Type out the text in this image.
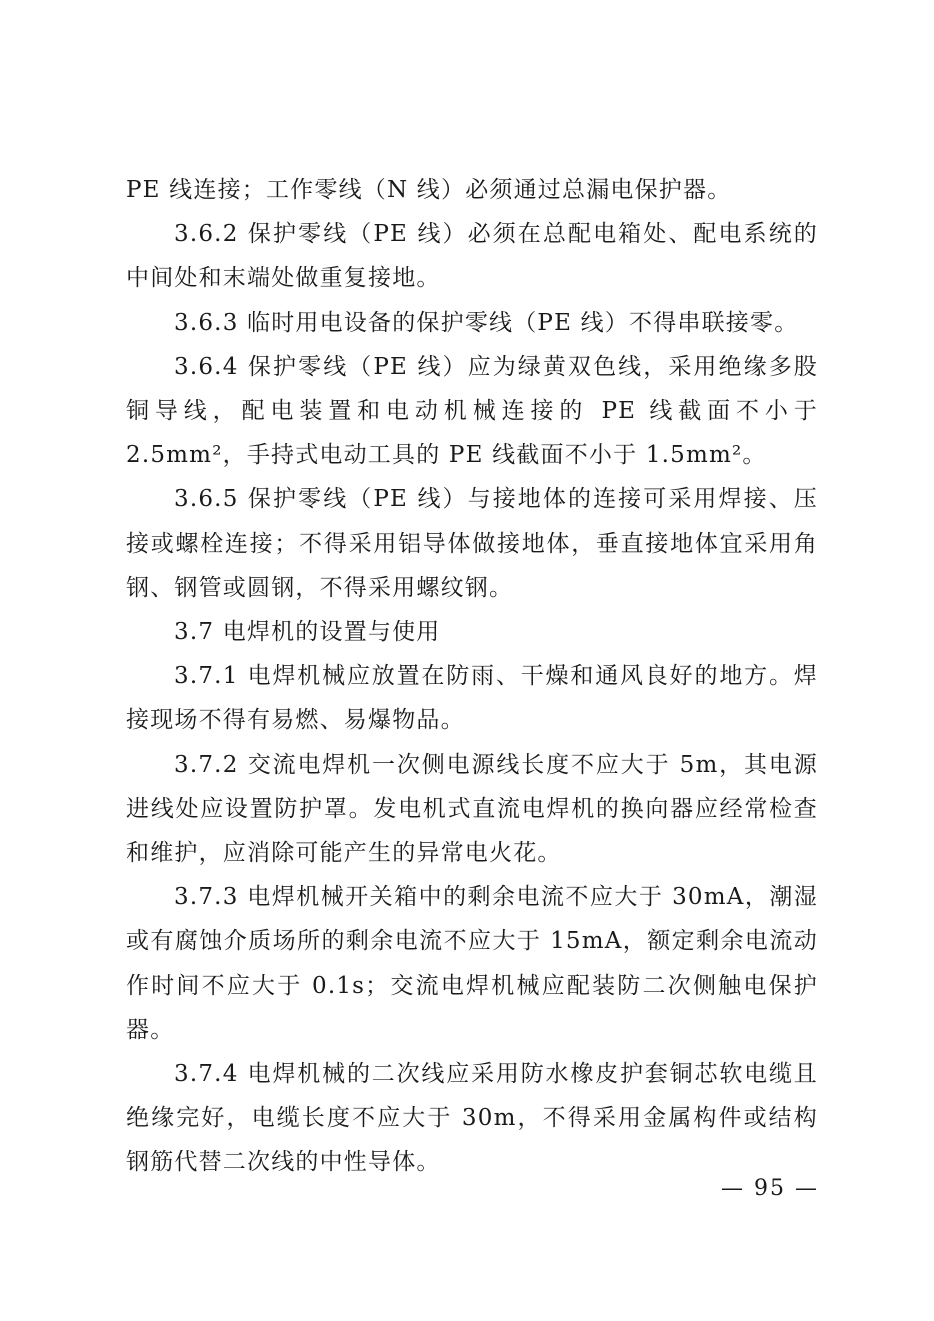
PE 线连接；工作零线（N 线）必须通过总漏电保护器。

3.6.2 保护零线（PE 线）必须在总配电箱处、配电系统的中间处和末端处做重复接地。

3.6.3 临时用电设备的保护零线（PE 线）不得串联接零。

3.6.4 保护零线（PE 线）应为绿黄双色线，采用绝缘多股铜导线，配电装置和电动机械连接的 PE 线截面不小于 2.5mm²，手持式电动工具的 PE 线截面不小于 1.5mm²。

3.6.5 保护零线（PE 线）与接地体的连接可采用焊接、压接或螺栓连接；不得采用铝导体做接地体，垂直接地体宜采用角钢、钢管或圆钢，不得采用螺纹钢。

3.7 电焊机的设置与使用

3.7.1 电焊机械应放置在防雨、干燥和通风良好的地方。焊接现场不得有易燃、易爆物品。

3.7.2 交流电焊机一次侧电源线长度不应大于 5m，其电源进线处应设置防护罩。发电机式直流电焊机的换向器应经常检查和维护，应消除可能产生的异常电火花。

3.7.3 电焊机械开关箱中的剩余电流不应大于 30mA，潮湿或有腐蚀介质场所的剩余电流不应大于 15mA，额定剩余电流动作时间不应大于 0.1s；交流电焊机械应配装防二次侧触电保护器。

3.7.4 电焊机械的二次线应采用防水橡皮护套铜芯软电缆且绝缘完好，电缆长度不应大于 30m，不得采用金属构件或结构钢筋代替二次线的中性导体。

— 95 —
